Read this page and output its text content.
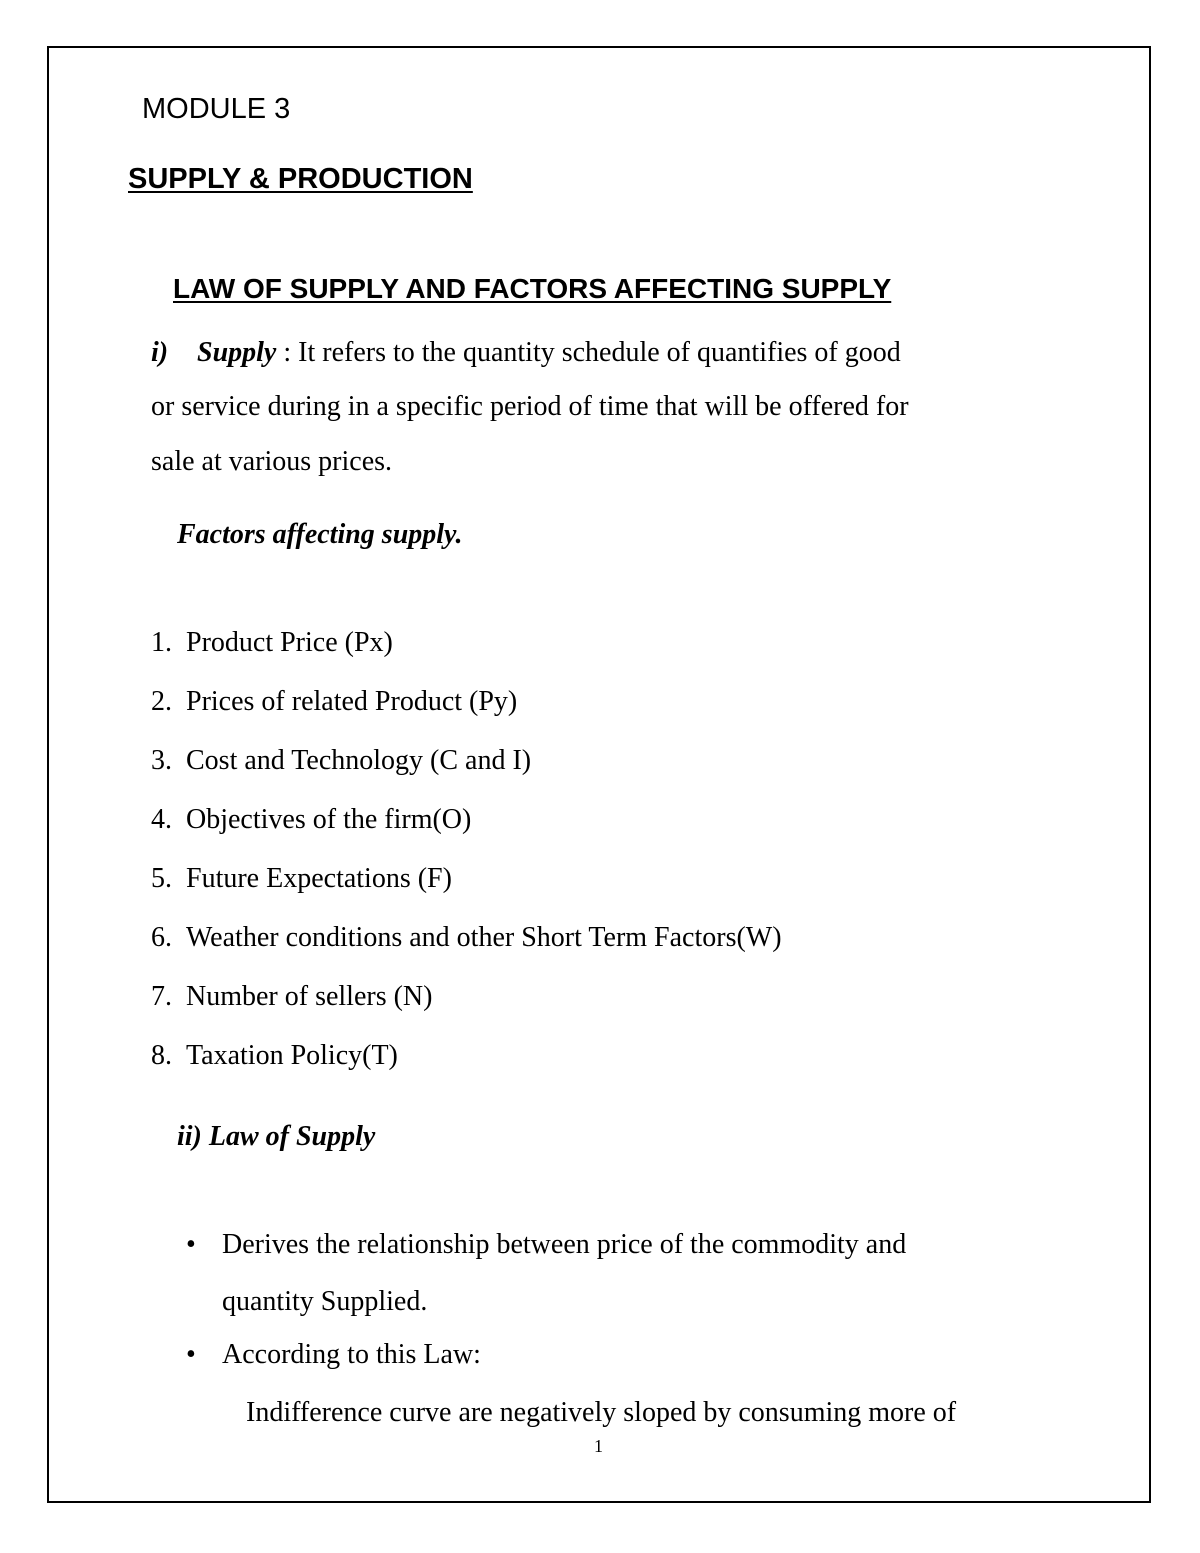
MODULE 3

SUPPLY & PRODUCTION

LAW OF SUPPLY AND FACTORS AFFECTING SUPPLY

i) Supply : It refers to the quantity schedule of quantifies of good

or service during in a specific period of time that will be offered for

sale at various prices.

Factors affecting supply.

1. Product Price (Px)

2. Prices of related Product (Py)

3. Cost and Technology (C and I)

4. Objectives of the firm(O)

5. Future Expectations (F)

6. Weather conditions and other Short Term Factors(W)

7. Number of sellers (N)

8. Taxation Policy(T)

ii) Law of Supply

• Derives the relationship between price of the commodity and

quantity Supplied.

• According to this Law:

Indifference curve are negatively sloped by consuming more of

1
